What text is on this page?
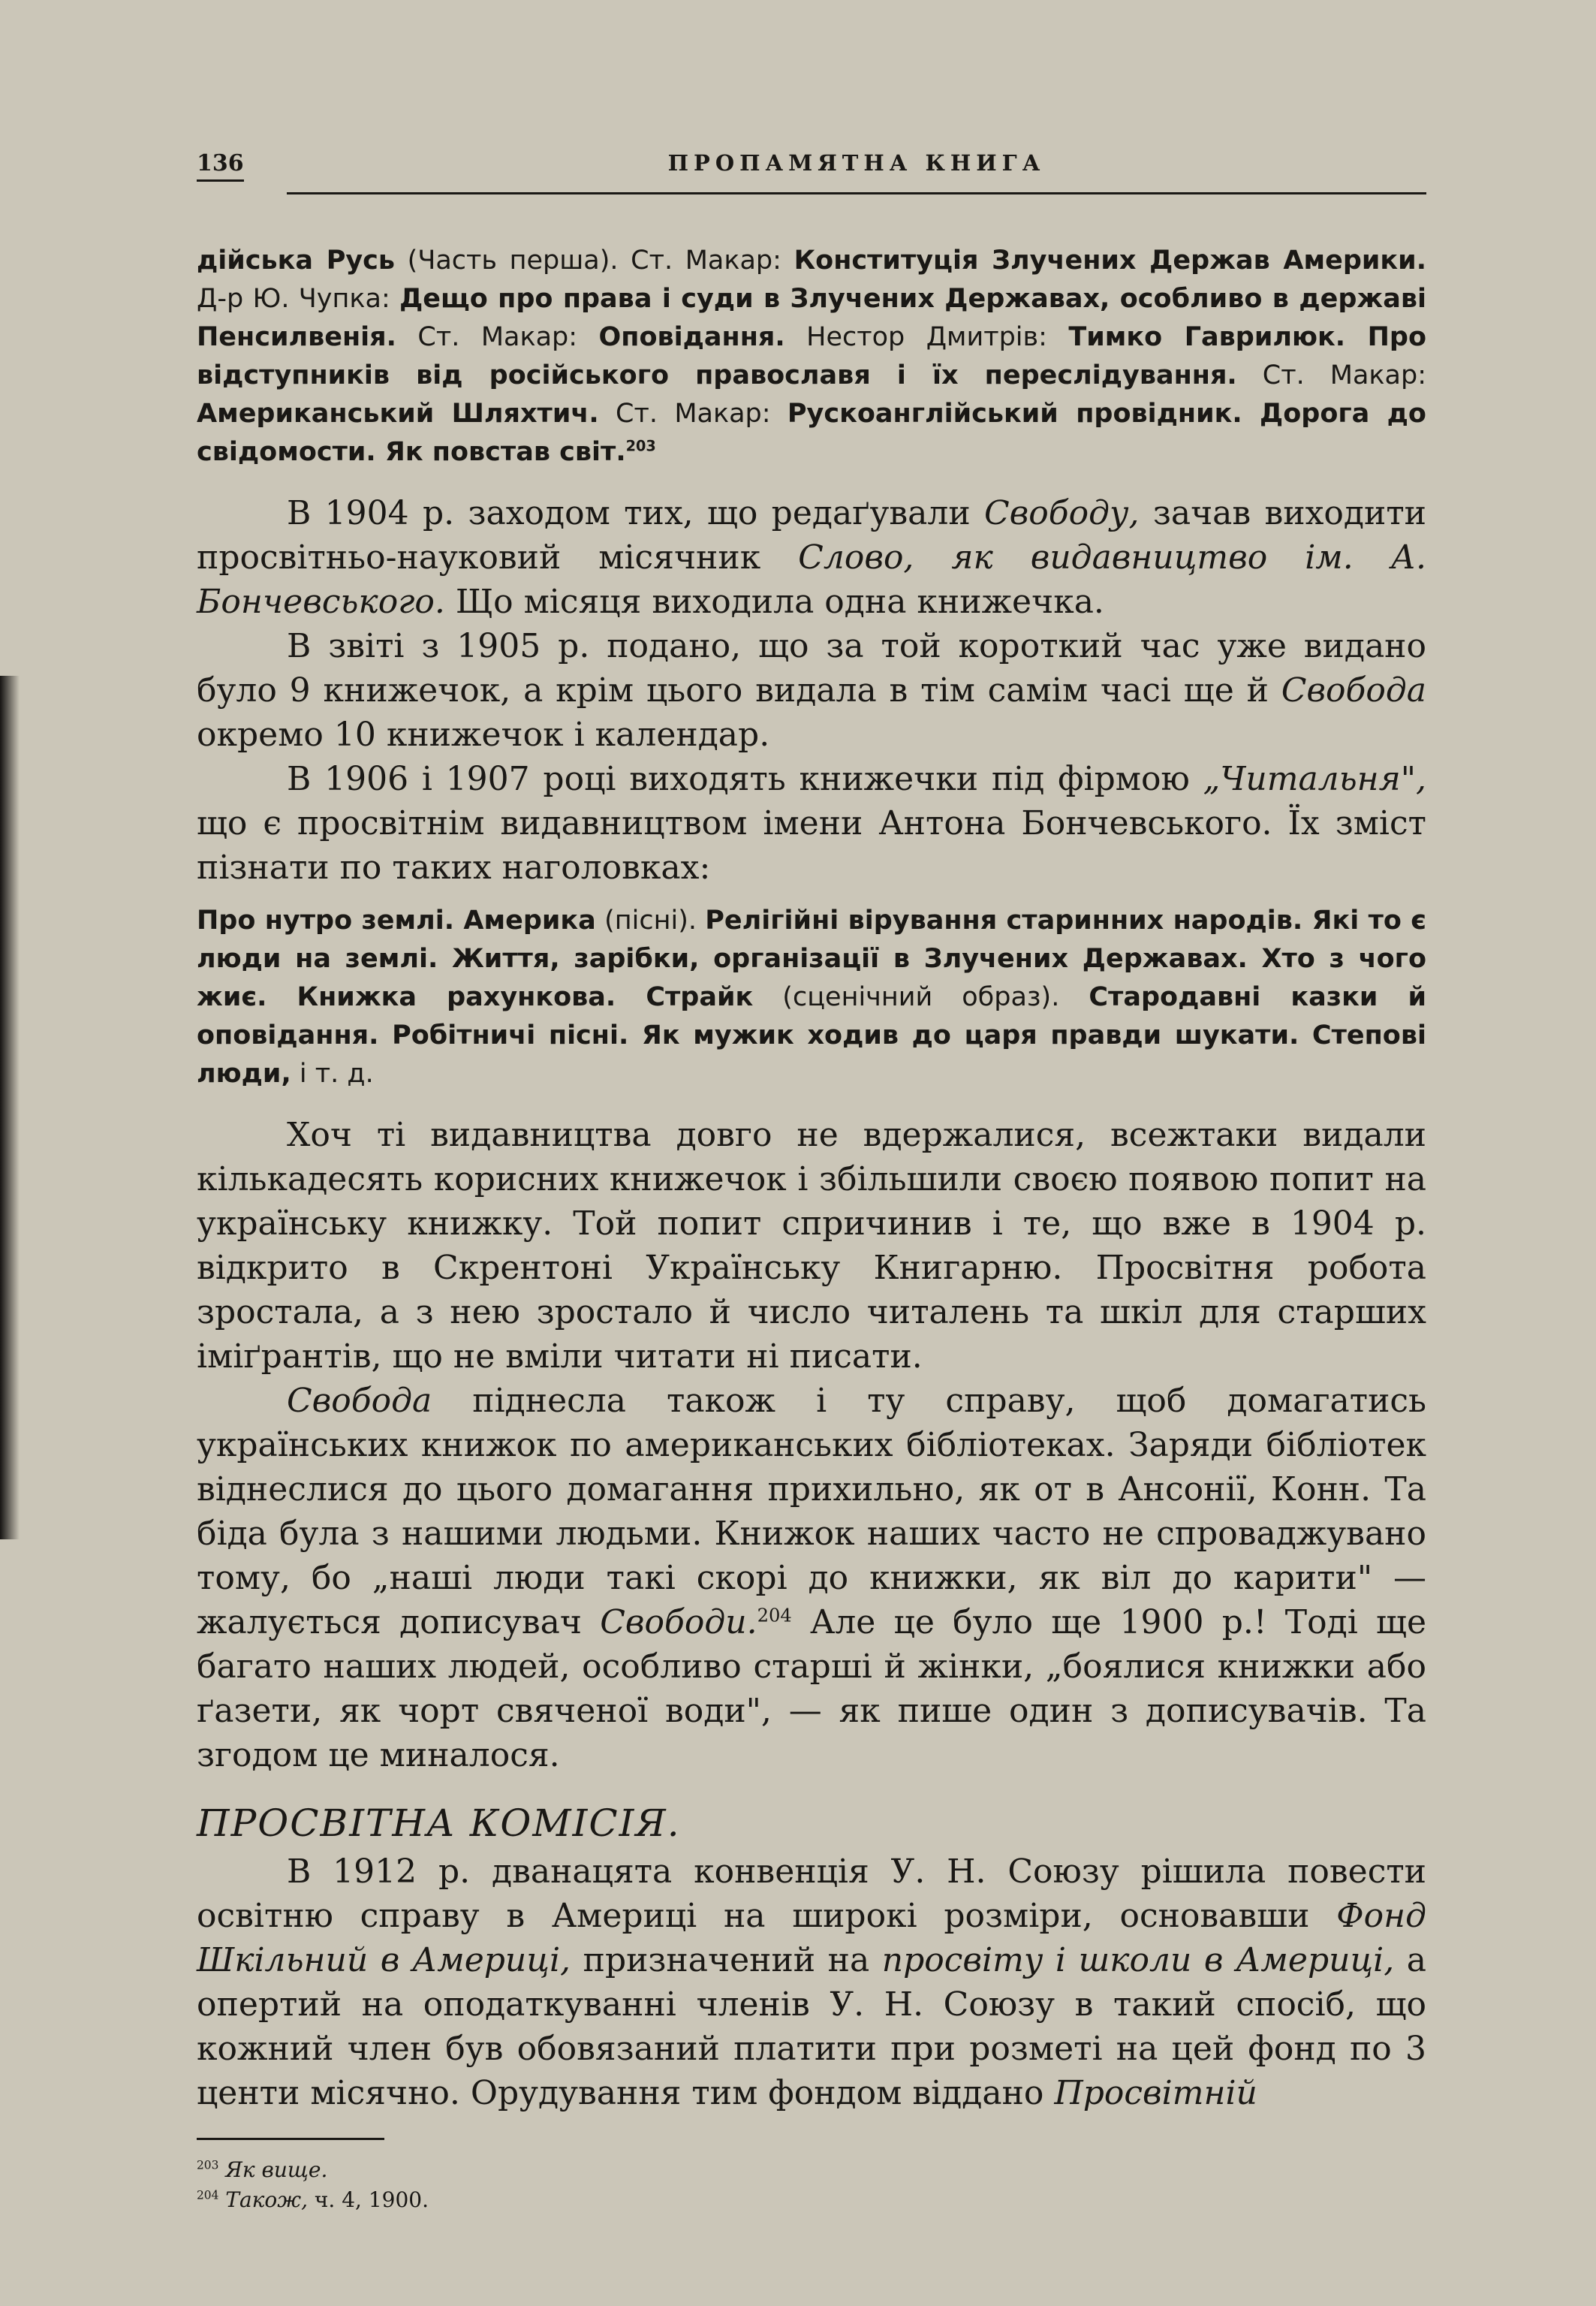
136	ПРОПАМЯТНА КНИГА

дійська Русь (Часть перша). Ст. Макар: Конституція Злучених Держав Америки. Д-р Ю. Чупка: Дещо про права і суди в Злучених Державах, особливо в державі Пенсилвенія. Ст. Макар: Оповідання. Нестор Дмитрів: Тимко Гаврилюк. Про відступників від російського православя і їх переслідування. Ст. Макар: Американський Шляхтич. Ст. Макар: Рускоанглійський провідник. Дорога до свідомости. Як повстав світ.$^{203}$

В 1904 р. заходом тих, що редаґували Свободу, зачав виходити просвітньо-науковий місячник Слово, як видавництво ім. А. Бончевського. Що місяця виходила одна книжечка.

В звіті з 1905 р. подано, що за той короткий час уже видано було 9 книжечок, а крім цього видала в тім самім часі ще й Свобода окремо 10 книжечок і календар.

В 1906 і 1907 році виходять книжечки під фірмою „Читальня", що є просвітнім видавництвом імени Антона Бончевського. Їх зміст пізнати по таких наголовках:

Про нутро землі. Америка (пісні). Релігійні вірування старинних народів. Які то є люди на землі. Життя, зарібки, організації в Злучених Державах. Хто з чого жиє. Книжка рахункова. Страйк (сценічний образ). Стародавні казки й оповідання. Робітничі пісні. Як мужик ходив до царя правди шукати. Степові люди, і т. д.

Хоч ті видавництва довго не вдержалися, всежтаки видали кількадесять корисних книжечок і збільшили своєю появою попит на українську книжку. Той попит спричинив і те, що вже в 1904 р. відкрито в Скрентоні Українську Книгарню. Просвітня робота зростала, а з нею зростало й число читалень та шкіл для старших іміґрантів, що не вміли читати ні писати.

Свобода піднесла також і ту справу, щоб домагатись українських книжок по американських бібліотеках. Заряди бібліотек віднеслися до цього домагання прихильно, як от в Ансонії, Конн. Та біда була з нашими людьми. Книжок наших часто не спроваджувано тому, бо „наші люди такі скорі до книжки, як віл до карити" — жалується дописувач Свободи.$^{204}$ Але це було ще 1900 р.! Тоді ще багато наших людей, особливо старші й жінки, „боялися книжки або ґазети, як чорт свяченої води", — як пише один з дописувачів. Та згодом це миналося.

ПРОСВІТНА КОМІСІЯ.

В 1912 р. дванацята конвенція У. Н. Союзу рішила повести освітню справу в Америці на широкі розміри, основавши Фонд Шкільний в Америці, призначений на просвіту і школи в Америці, а опертий на оподаткуванні членів У. Н. Союзу в такий спосіб, що кожний член був обовязаний платити при розметі на цей фонд по 3 центи місячно. Орудування тим фондом віддано Просвітній

$^{203}$ Як вище.

$^{204}$ Також, ч. 4, 1900.
